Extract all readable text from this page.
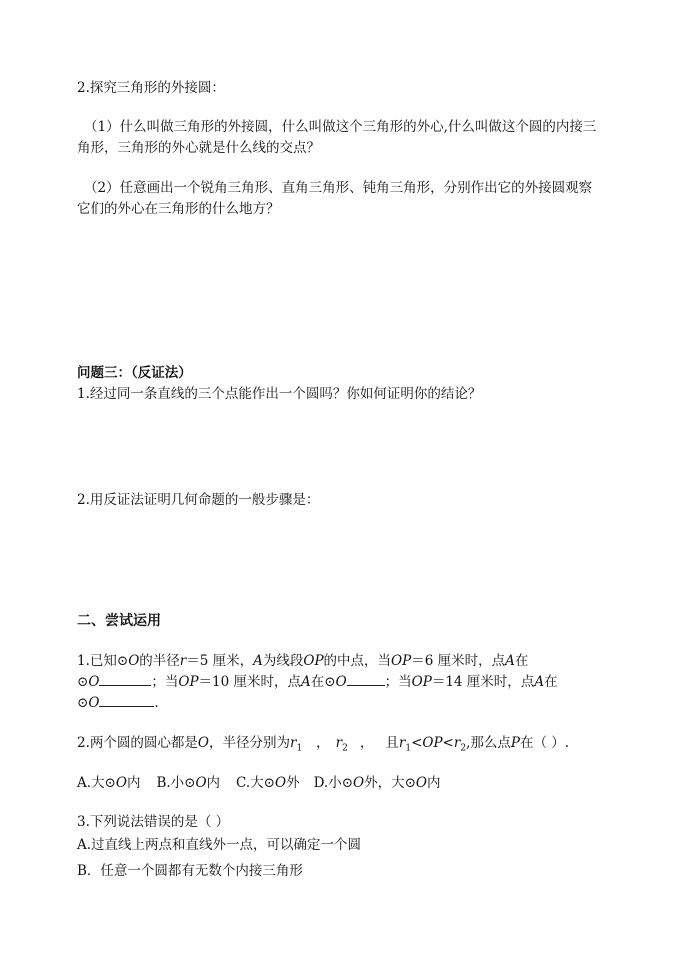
2.探究三角形的外接圆：
（1）什么叫做三角形的外接圆，什么叫做这个三角形的外心,什么叫做这个圆的内接三
角形，三角形的外心就是什么线的交点？
（2）任意画出一个锐角三角形、直角三角形、钝角三角形，分别作出它的外接圆观察
它们的外心在三角形的什么地方？
问题三：（反证法）
1.经过同一条直线的三个点能作出一个圆吗？你如何证明你的结论？
2.用反证法证明几何命题的一般步骤是：
二、尝试运用
1.已知⊙O的半径r＝5 厘米，A为线段OP的中点，当OP＝6 厘米时，点A在
⊙O	；当OP＝10 厘米时，点A在⊙O	；当OP＝14 厘米时，点A在
⊙O	.
2.两个圆的圆心都是O，半径分别为$r_1$ ， $r_2$ ， 且$r_1<OP<r_2$,那么点P在（ ）.
A.大⊙O内 B.小⊙O内 C.大⊙O外 D.小⊙O外，大⊙O内
3.下列说法错误的是（ ）
A.过直线上两点和直线外一点，可以确定一个圆
B．任意一个圆都有无数个内接三角形
